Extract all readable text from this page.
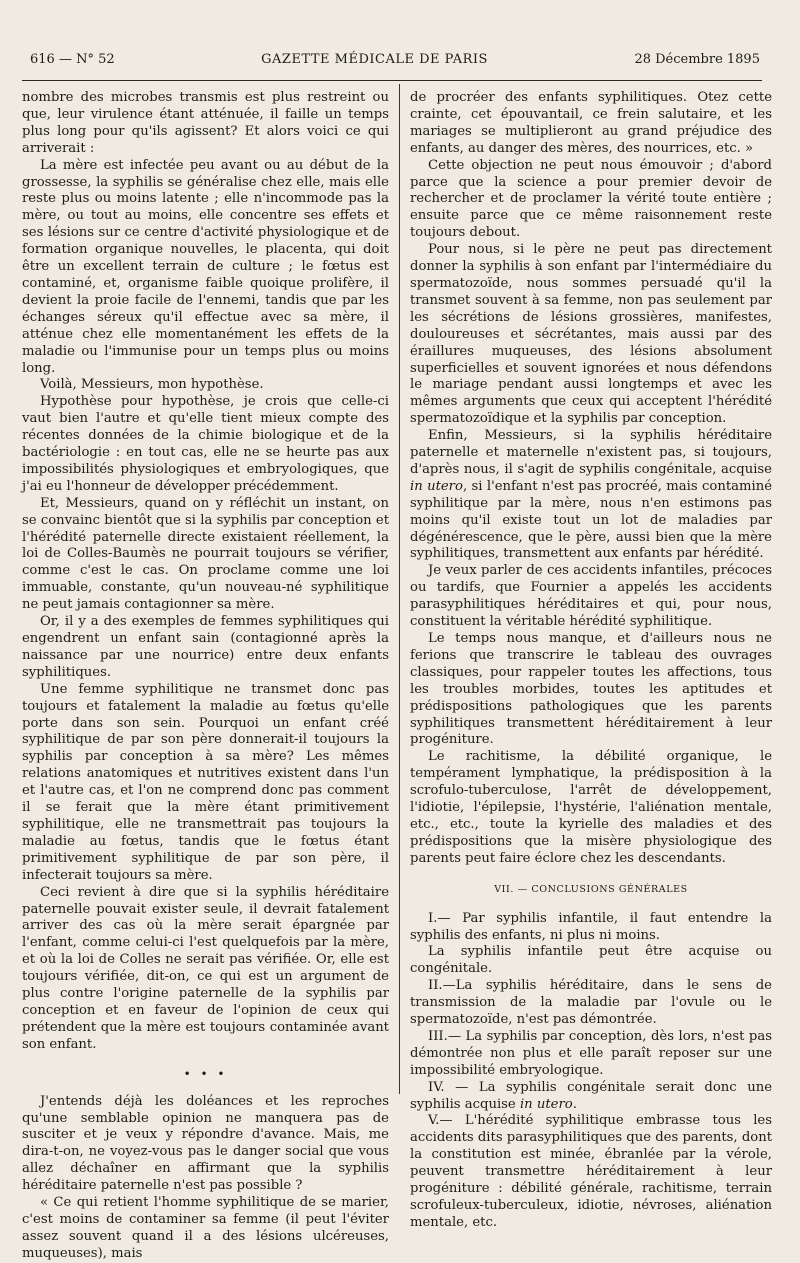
616 — N° 52	GAZETTE MÉDICALE DE PARIS	28 Décembre 1895

nombre des microbes transmis est plus restreint ou que, leur virulence étant atténuée, il faille un temps plus long pour qu'ils agissent? Et alors voici ce qui arriverait :

La mère est infectée peu avant ou au début de la grossesse, la syphilis se généralise chez elle, mais elle reste plus ou moins latente ; elle n'incommode pas la mère, ou tout au moins, elle concentre ses effets et ses lésions sur ce centre d'activité physiologique et de formation organique nouvelles, le placenta, qui doit être un excellent terrain de culture ; le fœtus est contaminé, et, organisme faible quoique prolifère, il devient la proie facile de l'ennemi, tandis que par les échanges séreux qu'il effectue avec sa mère, il atténue chez elle momentanément les effets de la maladie ou l'immunise pour un temps plus ou moins long.

Voilà, Messieurs, mon hypothèse.

Hypothèse pour hypothèse, je crois que celle-ci vaut bien l'autre et qu'elle tient mieux compte des récentes données de la chimie biologique et de la bactériologie : en tout cas, elle ne se heurte pas aux impossibilités physiologiques et embryologiques, que j'ai eu l'honneur de développer précédemment.

Et, Messieurs, quand on y réfléchit un instant, on se convainc bientôt que si la syphilis par conception et l'hérédité paternelle directe existaient réellement, la loi de Colles-Baumès ne pourrait toujours se vérifier, comme c'est le cas. On proclame comme une loi immuable, constante, qu'un nouveau-né syphilitique ne peut jamais contagionner sa mère.

Or, il y a des exemples de femmes syphilitiques qui engendrent un enfant sain (contagionné après la naissance par une nourrice) entre deux enfants syphilitiques.

Une femme syphilitique ne transmet donc pas toujours et fatalement la maladie au fœtus qu'elle porte dans son sein. Pourquoi un enfant créé syphilitique de par son père donnerait-il toujours la syphilis par conception à sa mère? Les mêmes relations anatomiques et nutritives existent dans l'un et l'autre cas, et l'on ne comprend donc pas comment il se ferait que la mère étant primitivement syphilitique, elle ne transmettrait pas toujours la maladie au fœtus, tandis que le fœtus étant primitivement syphilitique de par son père, il infecterait toujours sa mère.

Ceci revient à dire que si la syphilis héréditaire paternelle pouvait exister seule, il devrait fatalement arriver des cas où la mère serait épargnée par l'enfant, comme celui-ci l'est quelquefois par la mère, et où la loi de Colles ne serait pas vérifiée. Or, elle est toujours vérifiée, dit-on, ce qui est un argument de plus contre l'origine paternelle de la syphilis par conception et en faveur de l'opinion de ceux qui prétendent que la mère est toujours contaminée avant son enfant.

• • •

J'entends déjà les doléances et les reproches qu'une semblable opinion ne manquera pas de susciter et je veux y répondre d'avance. Mais, me dira-t-on, ne voyez-vous pas le danger social que vous allez déchaîner en affirmant que la syphilis héréditaire paternelle n'est pas possible ?

« Ce qui retient l'homme syphilitique de se marier, c'est moins de contaminer sa femme (il peut l'éviter assez souvent quand il a des lésions ulcéreuses, muqueuses), mais

de procréer des enfants syphilitiques. Otez cette crainte, cet épouvantail, ce frein salutaire, et les mariages se multiplieront au grand préjudice des enfants, au danger des mères, des nourrices, etc. »

Cette objection ne peut nous émouvoir ; d'abord parce que la science a pour premier devoir de rechercher et de proclamer la vérité toute entière ; ensuite parce que ce même raisonnement reste toujours debout.

Pour nous, si le père ne peut pas directement donner la syphilis à son enfant par l'intermédiaire du spermatozoïde, nous sommes persuadé qu'il la transmet souvent à sa femme, non pas seulement par les sécrétions de lésions grossières, manifestes, douloureuses et sécrétantes, mais aussi par des éraillures muqueuses, des lésions absolument superficielles et souvent ignorées et nous défendons le mariage pendant aussi longtemps et avec les mêmes arguments que ceux qui acceptent l'hérédité spermatozoïdique et la syphilis par conception.

Enfin, Messieurs, si la syphilis héréditaire paternelle et maternelle n'existent pas, si toujours, d'après nous, il s'agit de syphilis congénitale, acquise in utero, si l'enfant n'est pas procréé, mais contaminé syphilitique par la mère, nous n'en estimons pas moins qu'il existe tout un lot de maladies par dégénérescence, que le père, aussi bien que la mère syphilitiques, transmettent aux enfants par hérédité.

Je veux parler de ces accidents infantiles, précoces ou tardifs, que Fournier a appelés les accidents parasyphilitiques héréditaires et qui, pour nous, constituent la véritable hérédité syphilitique.

Le temps nous manque, et d'ailleurs nous ne ferions que transcrire le tableau des ouvrages classiques, pour rappeler toutes les affections, tous les troubles morbides, toutes les aptitudes et prédispositions pathologiques que les parents syphilitiques transmettent héréditairement à leur progéniture.

Le rachitisme, la débilité organique, le tempérament lymphatique, la prédisposition à la scrofulo-tuberculose, l'arrêt de développement, l'idiotie, l'épilepsie, l'hystérie, l'aliénation mentale, etc., etc., toute la kyrielle des maladies et des prédispositions que la misère physiologique des parents peut faire éclore chez les descendants.

VII. — CONCLUSIONS GÉNÉRALES

I.— Par syphilis infantile, il faut entendre la syphilis des enfants, ni plus ni moins.

La syphilis infantile peut être acquise ou congénitale.

II.—La syphilis héréditaire, dans le sens de transmission de la maladie par l'ovule ou le spermatozoïde, n'est pas démontrée.

III.— La syphilis par conception, dès lors, n'est pas démontrée non plus et elle paraît reposer sur une impossibilité embryologique.

IV. — La syphilis congénitale serait donc une syphilis acquise in utero.

V.— L'hérédité syphilitique embrasse tous les accidents dits parasyphilitiques que des parents, dont la constitution est minée, ébranlée par la vérole, peuvent transmettre héréditairement à leur progéniture : débilité générale, rachitisme, terrain scrofuleux-tuberculeux, idiotie, névroses, aliénation mentale, etc.
